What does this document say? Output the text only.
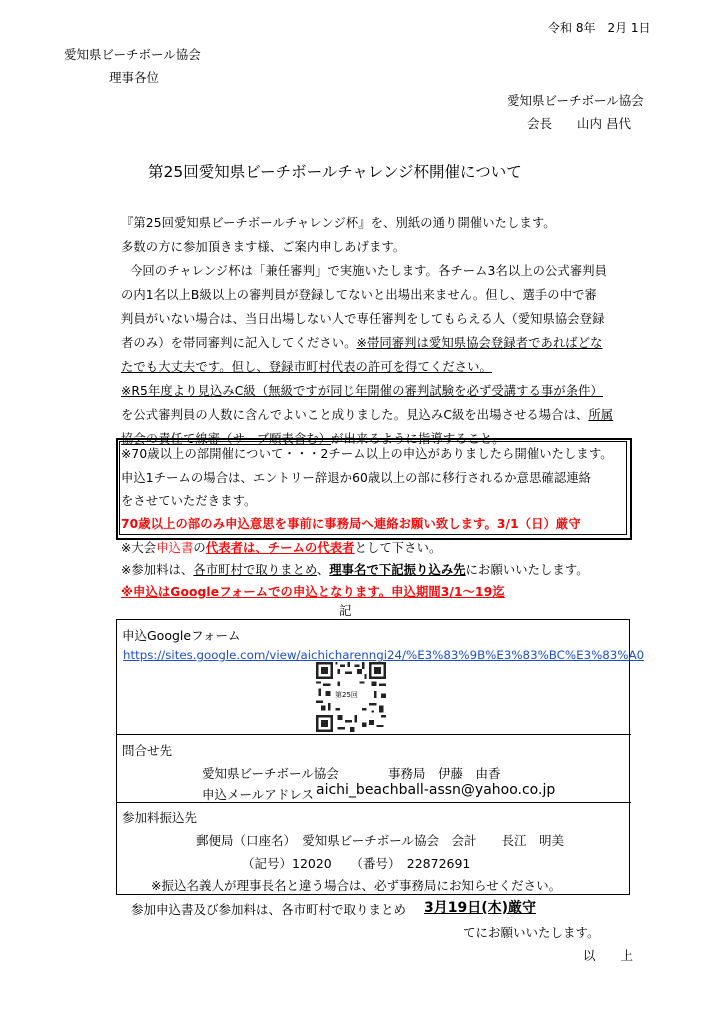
令和 8年　2月 1日
愛知県ビーチボール協会
理事各位
愛知県ビーチボール協会
会長　　山内 昌代
第25回愛知県ビーチボールチャレンジ杯開催について
『第25回愛知県ビーチボールチャレンジ杯』を、別紙の通り開催いたします。
多数の方に参加頂きます様、ご案内申しあげます。
今回のチャレンジ杯は「兼任審判」で実施いたします。各チーム3名以上の公式審判員
の内1名以上B級以上の審判員が登録してないと出場出来ません。但し、選手の中で審
判員がいない場合は、当日出場しない人で専任審判をしてもらえる人（愛知県協会登録
者のみ）を帯同審判に記入してください。※帯同審判は愛知県協会登録者であればどな
たでも大丈夫です。但し、登録市町村代表の許可を得てください。
※R5年度より見込みC級（無級ですが同じ年開催の審判試験を必ず受講する事が条件）
を公式審判員の人数に含んでよいこと成りました。見込みC級を出場させる場合は、所属
協会の責任て線審（サーブ順表含む）が出来るように指導すること。
※70歳以上の部開催について・・・2チーム以上の申込がありましたら開催いたします。
申込1チームの場合は、エントリー辞退か60歳以上の部に移行されるか意思確認連絡
をさせていただきます。
70歳以上の部のみ申込意思を事前に事務局へ連絡お願い致します。3/1（日）厳守
※大会申込書の代表者は、チームの代表者として下さい。
※参加料は、各市町村で取りまとめ、理事名で下記振り込み先にお願いいたします。
※申込はGoogleフォームでの申込となります。申込期間3/1～19迄
記
申込Googleフォーム
https://sites.google.com/view/aichicharenngi24/%E3%83%9B%E3%83%BC%E3%83%A0
第25回
問合せ先
愛知県ビーチボール協会	事務局　伊藤　由香
申込メールアドレス aichi_beachball-assn@yahoo.co.jp
参加料振込先
郵便局（口座名）　愛知県ビーチボール協会　会計　　長江　明美
（記号）12020　　（番号）　22872691
※振込名義人が理事長名と違う場合は、必ず事務局にお知らせください。
参加申込書及び参加料は、各市町村で取りまとめ 3月19日(木)厳守
てにお願いいたします。
以　　上
